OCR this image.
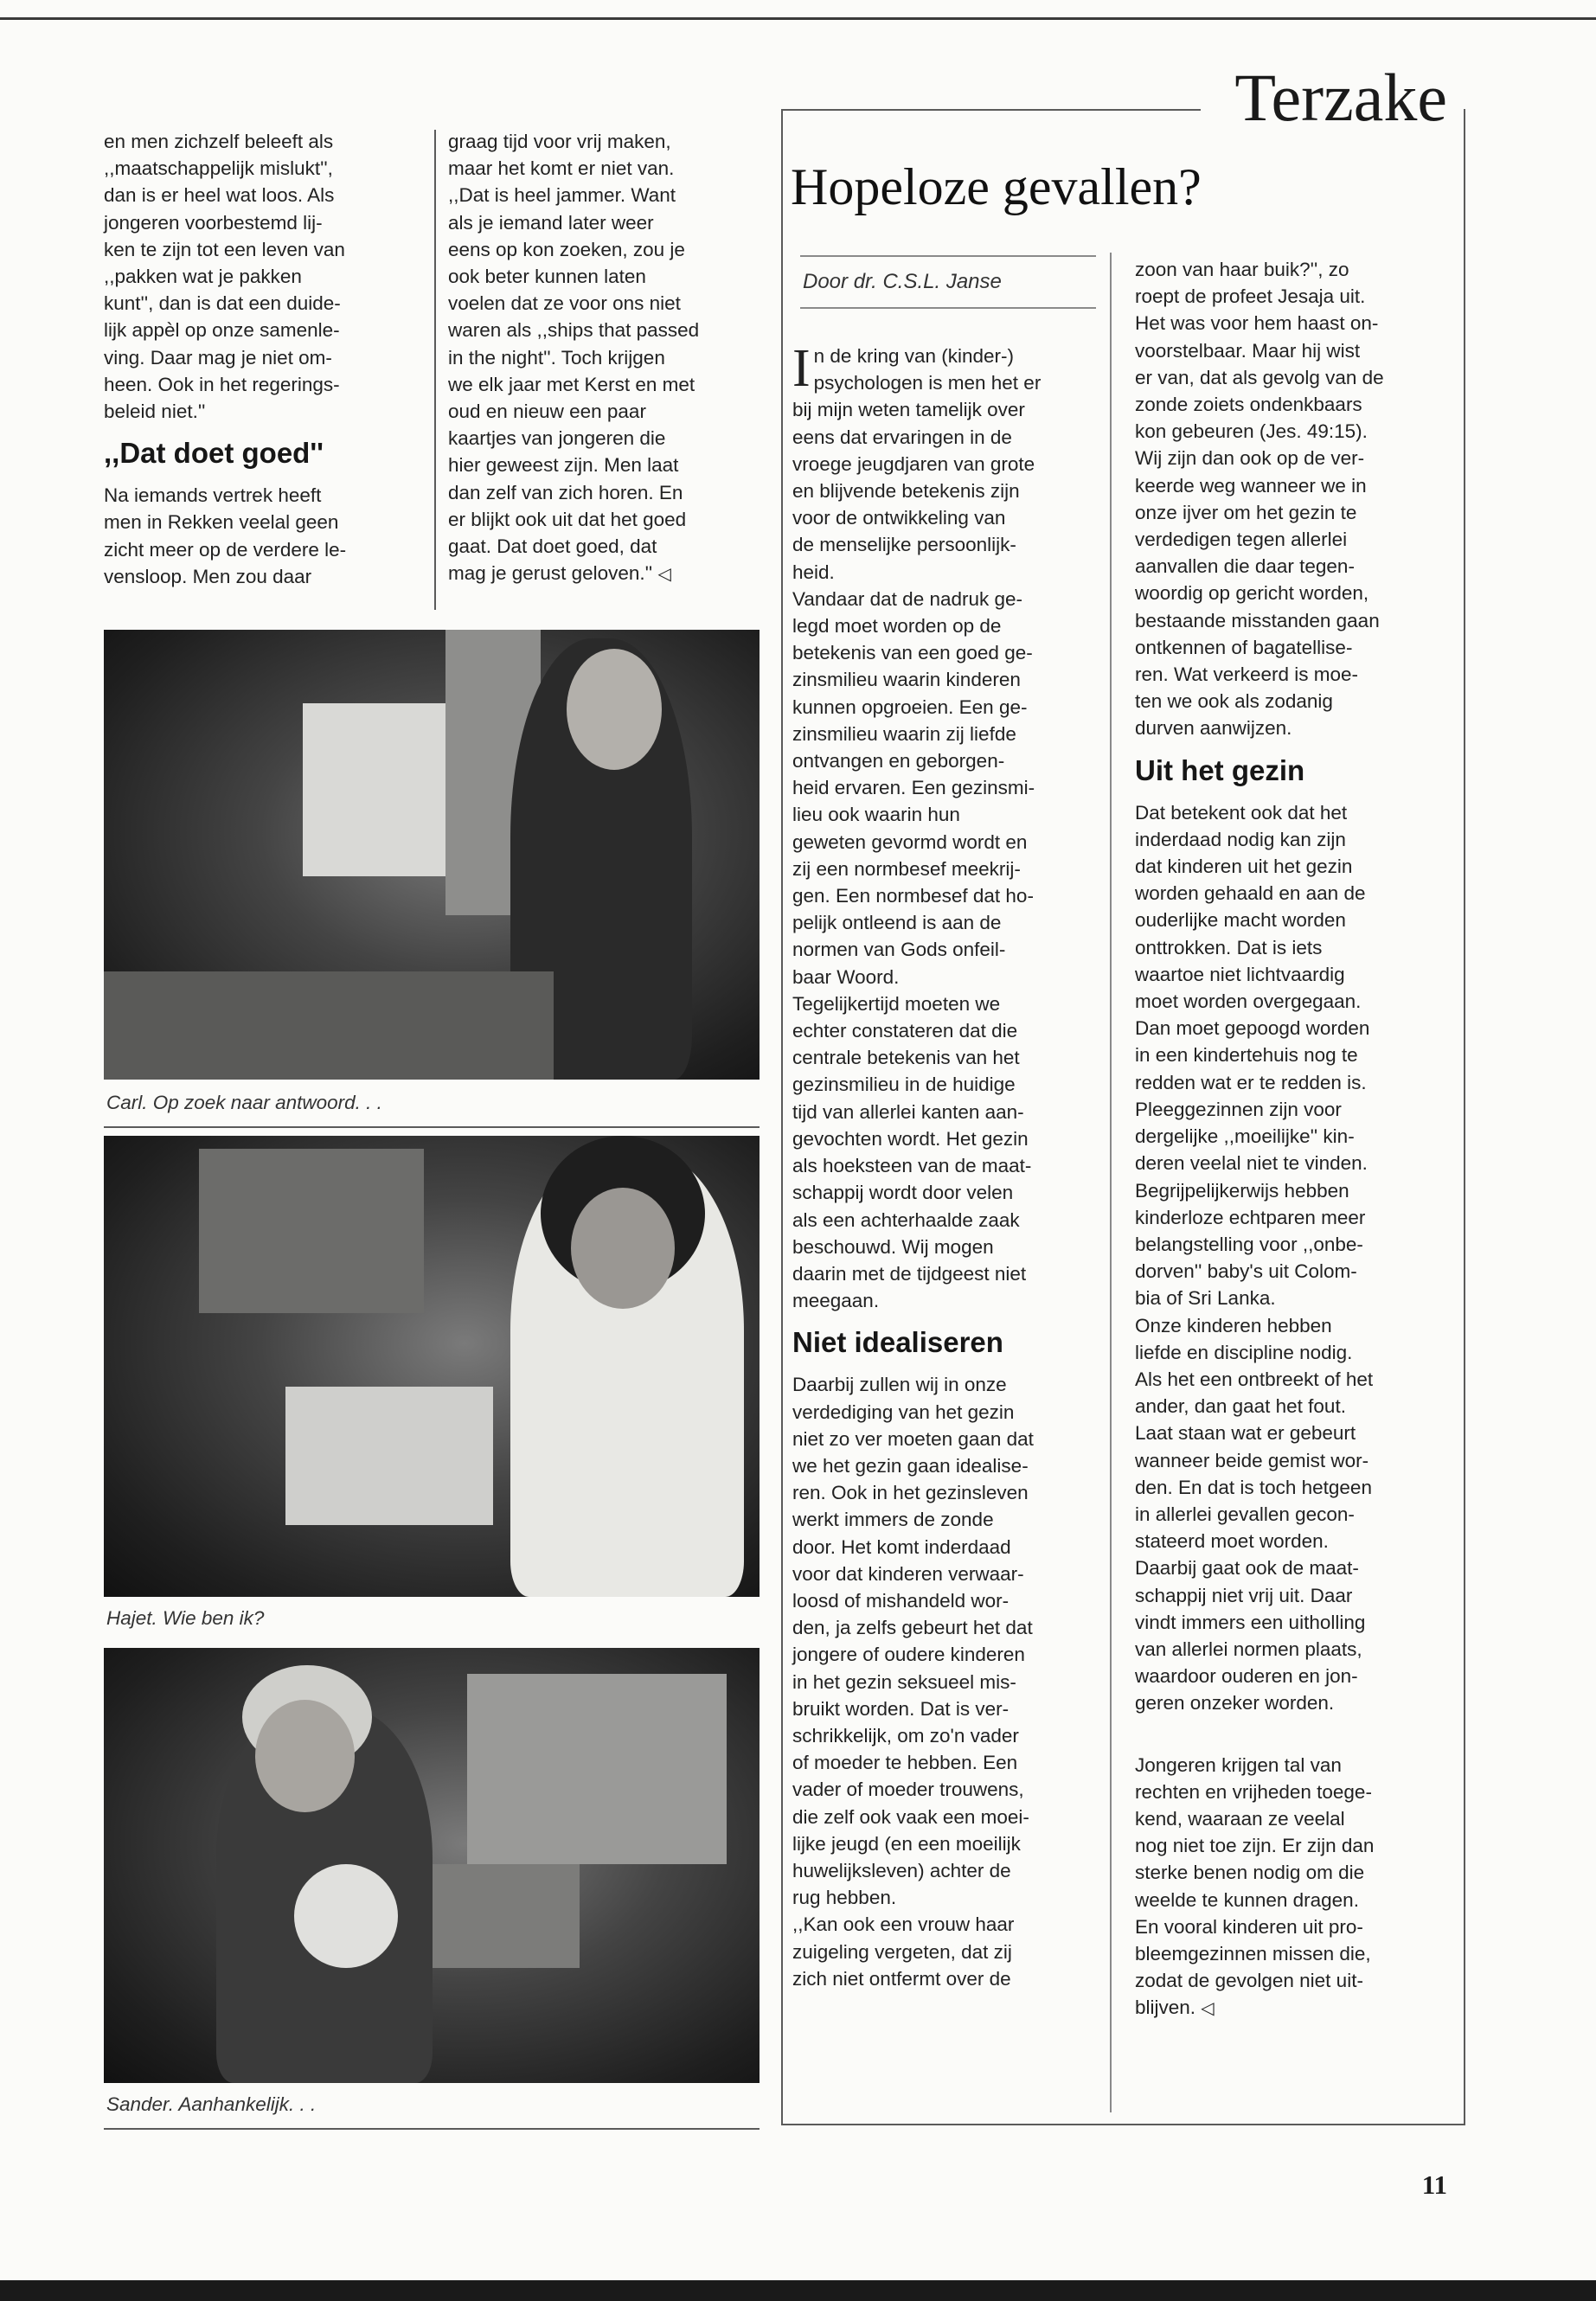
en men zichzelf beleeft als

,,maatschappelijk mislukt'',

dan is er heel wat loos. Als

jongeren voorbestemd lij-

ken te zijn tot een leven van

,,pakken wat je pakken

kunt'', dan is dat een duide-

lijk appèl op onze samenle-

ving. Daar mag je niet om-

heen. Ook in het regerings-

beleid niet.''

,,Dat doet goed''

Na iemands vertrek heeft

men in Rekken veelal geen

zicht meer op de verdere le-

vensloop. Men zou daar

graag tijd voor vrij maken,

maar het komt er niet van.

,,Dat is heel jammer. Want

als je iemand later weer

eens op kon zoeken, zou je

ook beter kunnen laten

voelen dat ze voor ons niet

waren als ,,ships that passed

in the night''. Toch krijgen

we elk jaar met Kerst en met

oud en nieuw een paar

kaartjes van jongeren die

hier geweest zijn. Men laat

dan zelf van zich horen. En

er blijkt ook uit dat het goed

gaat. Dat doet goed, dat

mag je gerust geloven.'' ◁

Carl. Op zoek naar antwoord. . .
Hajet. Wie ben ik?
Sander. Aanhankelijk. . .
Terzake
Hopeloze gevallen?
Door dr. C.S.L. Janse
I n de kring van (kinder-)

psychologen is men het er

bij mijn weten tamelijk over

eens dat ervaringen in de

vroege jeugdjaren van grote

en blijvende betekenis zijn

voor de ontwikkeling van

de menselijke persoonlijk-

heid.

Vandaar dat de nadruk ge-

legd moet worden op de

betekenis van een goed ge-

zinsmilieu waarin kinderen

kunnen opgroeien. Een ge-

zinsmilieu waarin zij liefde

ontvangen en geborgen-

heid ervaren. Een gezinsmi-

lieu ook waarin hun

geweten gevormd wordt en

zij een normbesef meekrij-

gen. Een normbesef dat ho-

pelijk ontleend is aan de

normen van Gods onfeil-

baar Woord.

Tegelijkertijd moeten we

echter constateren dat die

centrale betekenis van het

gezinsmilieu in de huidige

tijd van allerlei kanten aan-

gevochten wordt. Het gezin

als hoeksteen van de maat-

schappij wordt door velen

als een achterhaalde zaak

beschouwd. Wij mogen

daarin met de tijdgeest niet

meegaan.

Niet idealiseren

Daarbij zullen wij in onze

verdediging van het gezin

niet zo ver moeten gaan dat

we het gezin gaan idealise-

ren. Ook in het gezinsleven

werkt immers de zonde

door. Het komt inderdaad

voor dat kinderen verwaar-

loosd of mishandeld wor-

den, ja zelfs gebeurt het dat

jongere of oudere kinderen

in het gezin seksueel mis-

bruikt worden. Dat is ver-

schrikkelijk, om zo'n vader

of moeder te hebben. Een

vader of moeder trouwens,

die zelf ook vaak een moei-

lijke jeugd (en een moeilijk

huwelijksleven) achter de

rug hebben.

,,Kan ook een vrouw haar

zuigeling vergeten, dat zij

zich niet ontfermt over de

zoon van haar buik?'', zo

roept de profeet Jesaja uit.

Het was voor hem haast on-

voorstelbaar. Maar hij wist

er van, dat als gevolg van de

zonde zoiets ondenkbaars

kon gebeuren (Jes. 49:15).

Wij zijn dan ook op de ver-

keerde weg wanneer we in

onze ijver om het gezin te

verdedigen tegen allerlei

aanvallen die daar tegen-

woordig op gericht worden,

bestaande misstanden gaan

ontkennen of bagatellise-

ren. Wat verkeerd is moe-

ten we ook als zodanig

durven aanwijzen.

Uit het gezin

Dat betekent ook dat het

inderdaad nodig kan zijn

dat kinderen uit het gezin

worden gehaald en aan de

ouderlijke macht worden

onttrokken. Dat is iets

waartoe niet lichtvaardig

moet worden overgegaan.

Dan moet gepoogd worden

in een kindertehuis nog te

redden wat er te redden is.

Pleeggezinnen zijn voor

dergelijke ,,moeilijke'' kin-

deren veelal niet te vinden.

Begrijpelijkerwijs hebben

kinderloze echtparen meer

belangstelling voor ,,onbe-

dorven'' baby's uit Colom-

bia of Sri Lanka.

Onze kinderen hebben

liefde en discipline nodig.

Als het een ontbreekt of het

ander, dan gaat het fout.

Laat staan wat er gebeurt

wanneer beide gemist wor-

den. En dat is toch hetgeen

in allerlei gevallen gecon-

stateerd moet worden.

Daarbij gaat ook de maat-

schappij niet vrij uit. Daar

vindt immers een uitholling

van allerlei normen plaats,

waardoor ouderen en jon-

geren onzeker worden.

Jongeren krijgen tal van

rechten en vrijheden toege-

kend, waaraan ze veelal

nog niet toe zijn. Er zijn dan

sterke benen nodig om die

weelde te kunnen dragen.

En vooral kinderen uit pro-

bleemgezinnen missen die,

zodat de gevolgen niet uit-

blijven. ◁

11
